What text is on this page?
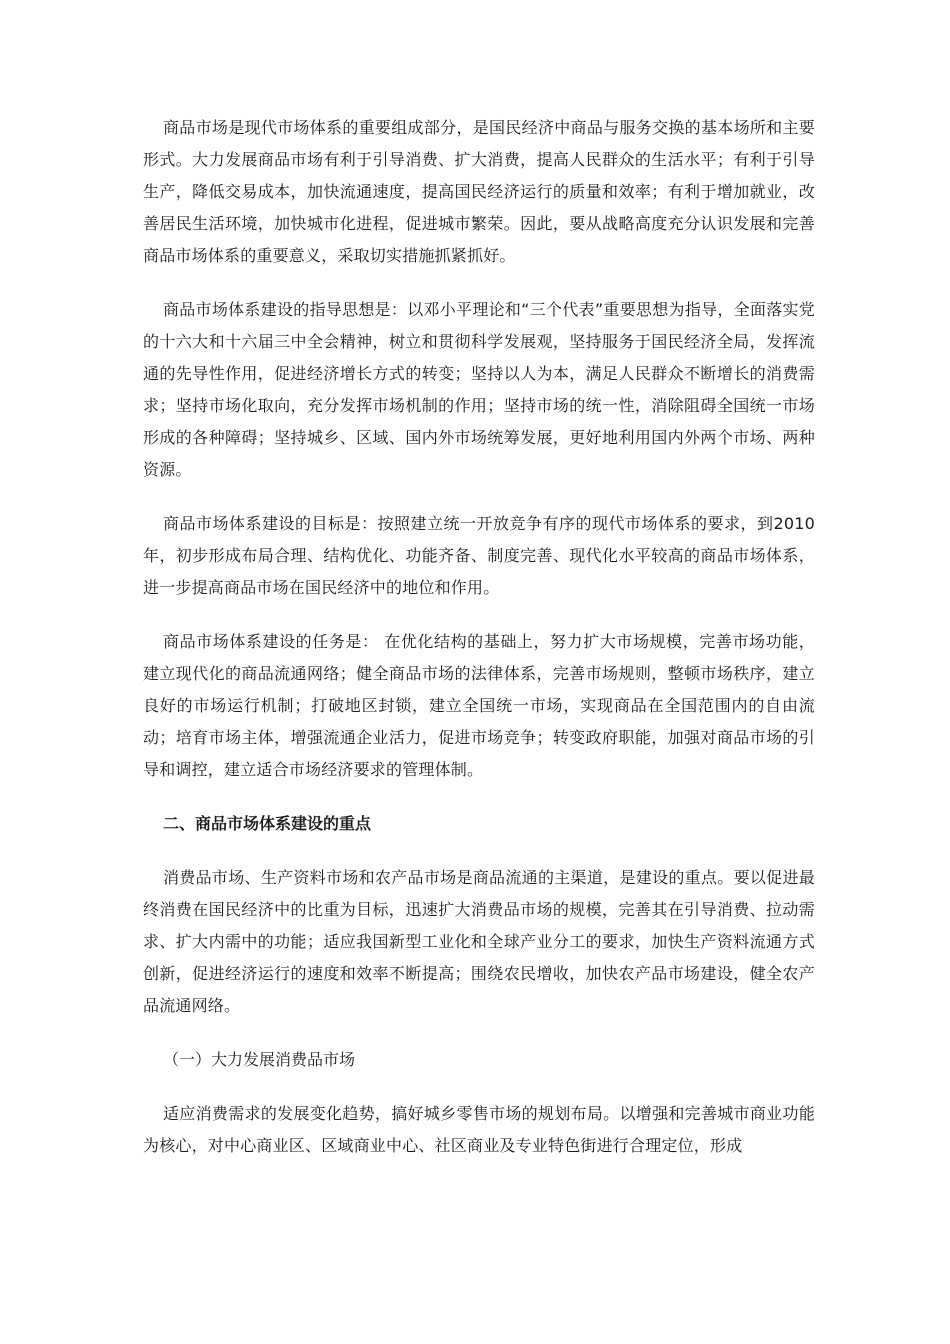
商品市场是现代市场体系的重要组成部分，是国民经济中商品与服务交换的基本场所和主要形式。大力发展商品市场有利于引导消费、扩大消费，提高人民群众的生活水平；有利于引导生产，降低交易成本，加快流通速度，提高国民经济运行的质量和效率；有利于增加就业，改善居民生活环境，加快城市化进程，促进城市繁荣。因此，要从战略高度充分认识发展和完善商品市场体系的重要意义，采取切实措施抓紧抓好。

商品市场体系建设的指导思想是：以邓小平理论和“三个代表”重要思想为指导，全面落实党的十六大和十六届三中全会精神，树立和贯彻科学发展观，坚持服务于国民经济全局，发挥流通的先导性作用，促进经济增长方式的转变；坚持以人为本，满足人民群众不断增长的消费需求；坚持市场化取向，充分发挥市场机制的作用；坚持市场的统一性，消除阻碍全国统一市场形成的各种障碍；坚持城乡、区域、国内外市场统筹发展，更好地利用国内外两个市场、两种资源。

商品市场体系建设的目标是：按照建立统一开放竞争有序的现代市场体系的要求，到2010年，初步形成布局合理、结构优化、功能齐备、制度完善、现代化水平较高的商品市场体系，进一步提高商品市场在国民经济中的地位和作用。

商品市场体系建设的任务是： 在优化结构的基础上，努力扩大市场规模，完善市场功能，建立现代化的商品流通网络；健全商品市场的法律体系，完善市场规则，整顿市场秩序，建立良好的市场运行机制；打破地区封锁，建立全国统一市场，实现商品在全国范围内的自由流动；培育市场主体，增强流通企业活力，促进市场竞争；转变政府职能，加强对商品市场的引导和调控，建立适合市场经济要求的管理体制。

二、商品市场体系建设的重点

消费品市场、生产资料市场和农产品市场是商品流通的主渠道，是建设的重点。要以促进最终消费在国民经济中的比重为目标，迅速扩大消费品市场的规模，完善其在引导消费、拉动需求、扩大内需中的功能；适应我国新型工业化和全球产业分工的要求，加快生产资料流通方式创新，促进经济运行的速度和效率不断提高；围绕农民增收，加快农产品市场建设，健全农产品流通网络。

（一）大力发展消费品市场

适应消费需求的发展变化趋势，搞好城乡零售市场的规划布局。以增强和完善城市商业功能为核心，对中心商业区、区域商业中心、社区商业及专业特色街进行合理定位，形成
